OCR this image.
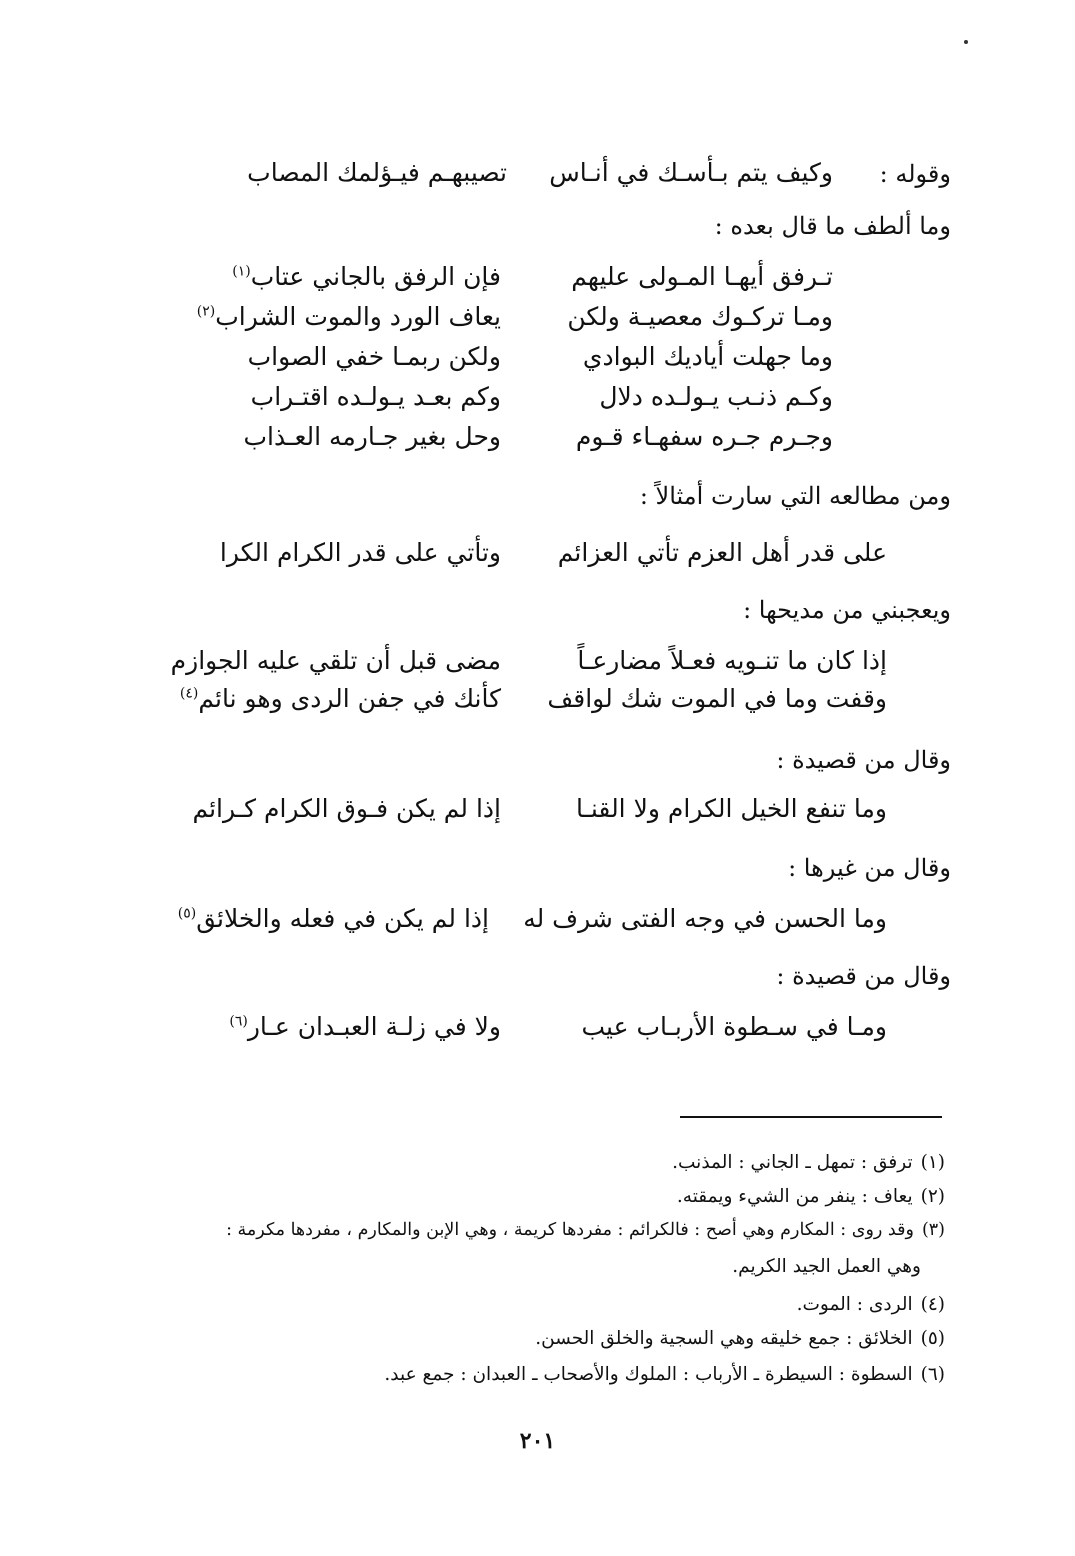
وقوله :
وكيف يتم بـأسـك في أنـاس
تصيبهـم فيـؤلمك المصاب
وما ألطف ما قال بعده :
تـرفق أيهـا المـولى عليهم
فإن الرفق بالجاني عتاب$^{(١)}$
ومـا تركـوك معصيـة ولكن
يعاف الورد والموت الشراب$^{(٢)}$
وما جهلت أياديك البوادي
ولكن ربمـا خفي الصواب
وكـم ذنـب يـولـده دلال
وكم بعـد يـولـده اقتـراب
وجـرم جـره سفهـاء قـوم
وحل بغير جـارمه العـذاب
ومن مطالعه التي سارت أمثالاً :
على قدر أهل العزم تأتي العزائم
وتأتي على قدر الكرام الكرا
ويعجبني من مديحها :
إذا كان ما تنـويه فعـلاً مضارعـاً
مضى قبل أن تلقي عليه الجوازم
وقفت وما في الموت شك لواقف
كأنك في جفن الردى وهو نائم$^{(٤)}$
وقال من قصيدة :
وما تنفع الخيل الكرام ولا القنـا
إذا لم يكن فـوق الكرام كـرائم
وقال من غيرها :
وما الحسن في وجه الفتى شرف له
إذا لم يكن في فعله والخلائق$^{(٥)}$
وقال من قصيدة :
ومـا في سـطوة الأربـاب عيب
ولا في زلـة العبـدان عـار$^{(٦)}$
(١)ترفق : تمهل ـ الجاني : المذنب.
(٢)يعاف : ينفر من الشيء ويمقته.
(٣)وقد روى : المكارم وهي أصح : فالكرائم : مفردها كريمة ، وهي الإبن والمكارم ، مفردها مكرمة :
وهي العمل الجيد الكريم.
(٤)الردى : الموت.
(٥)الخلائق : جمع خليقه وهي السجية والخلق الحسن.
(٦)السطوة : السيطرة ـ الأرباب : الملوك والأصحاب ـ العبدان : جمع عبد.
٢٠١
